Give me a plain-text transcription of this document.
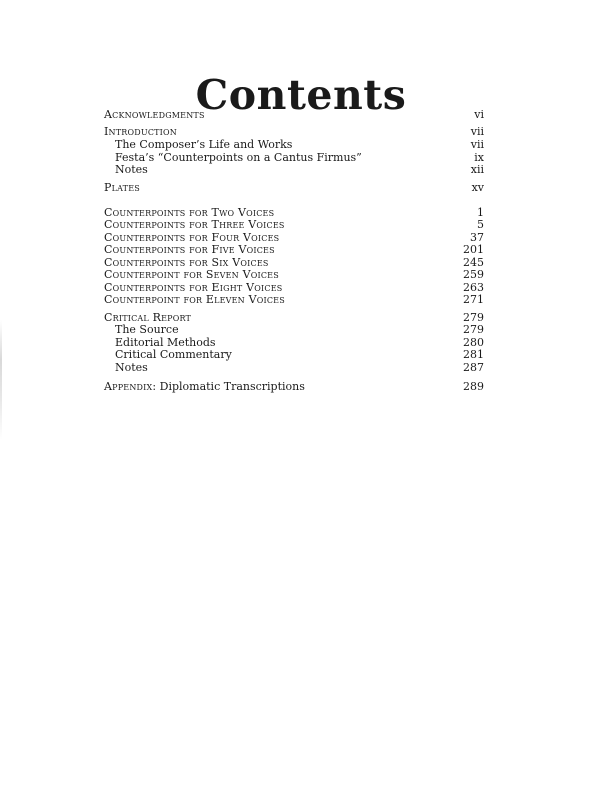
Contents
Acknowledgments	vi
Introduction	vii
The Composer’s Life and Works	vii
Festa’s “Counterpoints on a Cantus Firmus”	ix
Notes	xii
Plates	xv
Counterpoints for Two Voices	1
Counterpoints for Three Voices	5
Counterpoints for Four Voices	37
Counterpoints for Five Voices	201
Counterpoints for Six Voices	245
Counterpoint for Seven Voices	259
Counterpoints for Eight Voices	263
Counterpoint for Eleven Voices	271
Critical Report	279
The Source	279
Editorial Methods	280
Critical Commentary	281
Notes	287
Appendix: Diplomatic Transcriptions	289
